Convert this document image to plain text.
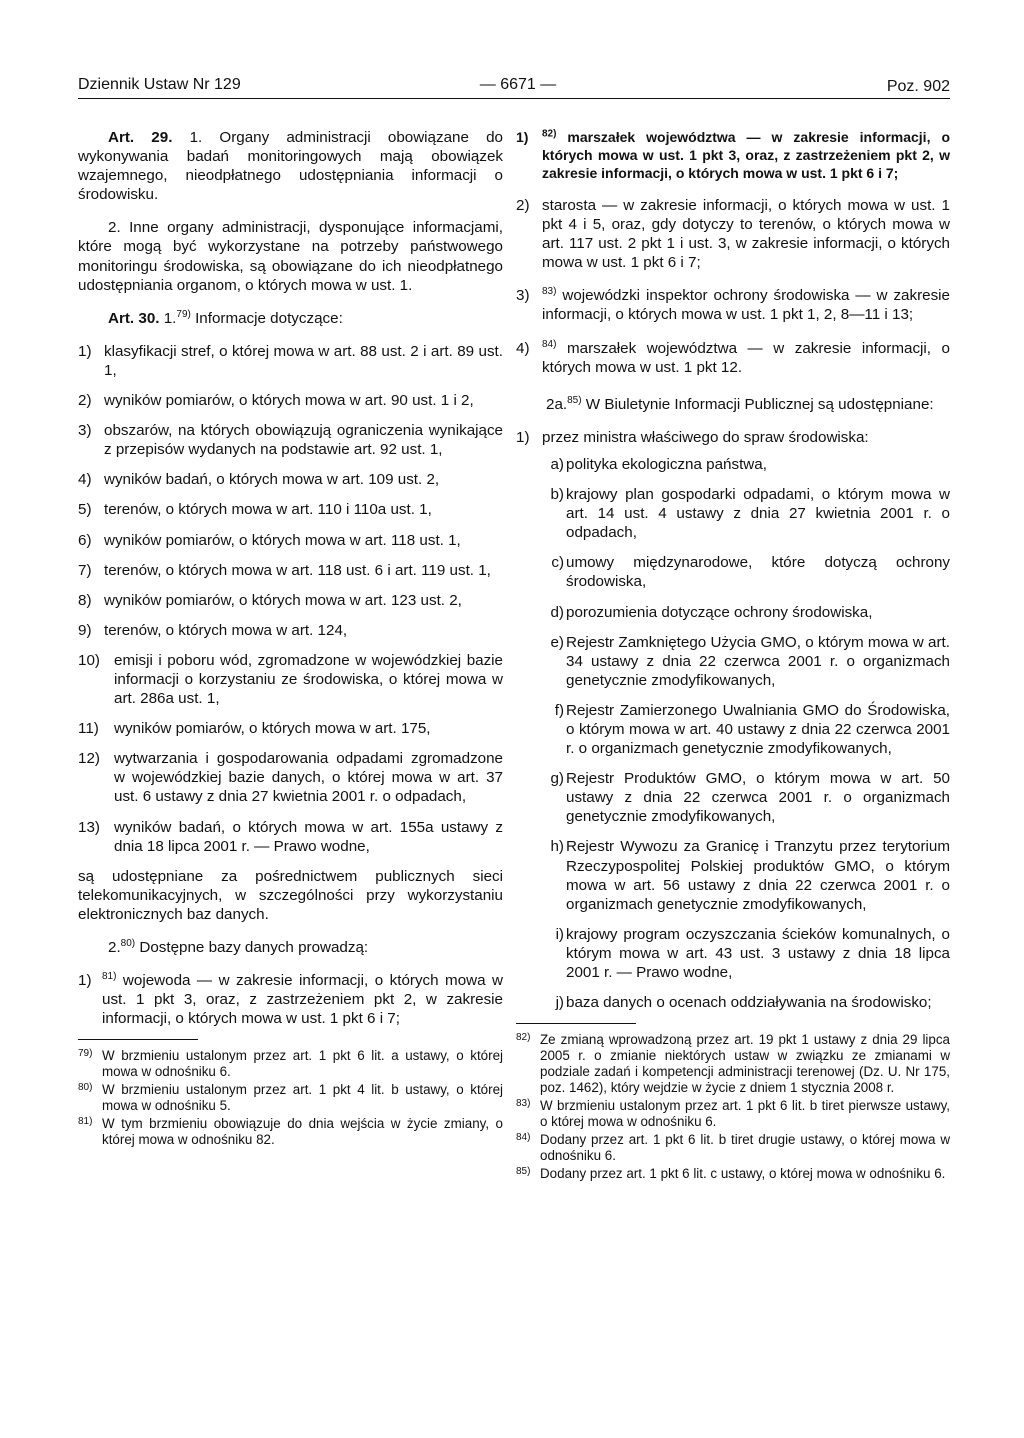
Dziennik Ustaw Nr 129	— 6671 —	Poz. 902

Art. 29. 1. Organy administracji obowiązane do wykonywania badań monitoringowych mają obowiązek wzajemnego, nieodpłatnego udostępniania informacji o środowisku.

2. Inne organy administracji, dysponujące informacjami, które mogą być wykorzystane na potrzeby państwowego monitoringu środowiska, są obowiązane do ich nieodpłatnego udostępniania organom, o których mowa w ust. 1.

Art. 30. 1.$^{79)}$ Informacje dotyczące:

1) klasyfikacji stref, o której mowa w art. 88 ust. 2 i art. 89 ust. 1,
2) wyników pomiarów, o których mowa w art. 90 ust. 1 i 2,
3) obszarów, na których obowiązują ograniczenia wynikające z przepisów wydanych na podstawie art. 92 ust. 1,
4) wyników badań, o których mowa w art. 109 ust. 2,
5) terenów, o których mowa w art. 110 i 110a ust. 1,
6) wyników pomiarów, o których mowa w art. 118 ust. 1,
7) terenów, o których mowa w art. 118 ust. 6 i art. 119 ust. 1,
8) wyników pomiarów, o których mowa w art. 123 ust. 2,
9) terenów, o których mowa w art. 124,
10) emisji i poboru wód, zgromadzone w wojewódzkiej bazie informacji o korzystaniu ze środowiska, o której mowa w art. 286a ust. 1,
11) wyników pomiarów, o których mowa w art. 175,
12) wytwarzania i gospodarowania odpadami zgromadzone w wojewódzkiej bazie danych, o której mowa w art. 37 ust. 6 ustawy z dnia 27 kwietnia 2001 r. o odpadach,
13) wyników badań, o których mowa w art. 155a ustawy z dnia 18 lipca 2001 r. — Prawo wodne,

są udostępniane za pośrednictwem publicznych sieci telekomunikacyjnych, w szczególności przy wykorzystaniu elektronicznych baz danych.

2.$^{80)}$ Dostępne bazy danych prowadzą:

1) $^{81)}$ wojewoda — w zakresie informacji, o których mowa w ust. 1 pkt 3, oraz, z zastrzeżeniem pkt 2, w zakresie informacji, o których mowa w ust. 1 pkt 6 i 7;
79) W brzmieniu ustalonym przez art. 1 pkt 6 lit. a ustawy, o której mowa w odnośniku 6.
80) W brzmieniu ustalonym przez art. 1 pkt 4 lit. b ustawy, o której mowa w odnośniku 5.
81) W tym brzmieniu obowiązuje do dnia wejścia w życie zmiany, o której mowa w odnośniku 82.
1) $^{82)}$ marszałek województwa — w zakresie informacji, o których mowa w ust. 1 pkt 3, oraz, z zastrzeżeniem pkt 2, w zakresie informacji, o których mowa w ust. 1 pkt 6 i 7;
2) starosta — w zakresie informacji, o których mowa w ust. 1 pkt 4 i 5, oraz, gdy dotyczy to terenów, o których mowa w art. 117 ust. 2 pkt 1 i ust. 3, w zakresie informacji, o których mowa w ust. 1 pkt 6 i 7;
3) $^{83)}$ wojewódzki inspektor ochrony środowiska — w zakresie informacji, o których mowa w ust. 1 pkt 1, 2, 8—11 i 13;
4) $^{84)}$ marszałek województwa — w zakresie informacji, o których mowa w ust. 1 pkt 12.

2a.$^{85)}$ W Biuletynie Informacji Publicznej są udostępniane:

1) przez ministra właściwego do spraw środowiska:
a) polityka ekologiczna państwa,
b) krajowy plan gospodarki odpadami, o którym mowa w art. 14 ust. 4 ustawy z dnia 27 kwietnia 2001 r. o odpadach,
c) umowy międzynarodowe, które dotyczą ochrony środowiska,
d) porozumienia dotyczące ochrony środowiska,
e) Rejestr Zamkniętego Użycia GMO, o którym mowa w art. 34 ustawy z dnia 22 czerwca 2001 r. o organizmach genetycznie zmodyfikowanych,
f) Rejestr Zamierzonego Uwalniania GMO do Środowiska, o którym mowa w art. 40 ustawy z dnia 22 czerwca 2001 r. o organizmach genetycznie zmodyfikowanych,
g) Rejestr Produktów GMO, o którym mowa w art. 50 ustawy z dnia 22 czerwca 2001 r. o organizmach genetycznie zmodyfikowanych,
h) Rejestr Wywozu za Granicę i Tranzytu przez terytorium Rzeczypospolitej Polskiej produktów GMO, o którym mowa w art. 56 ustawy z dnia 22 czerwca 2001 r. o organizmach genetycznie zmodyfikowanych,
i) krajowy program oczyszczania ścieków komunalnych, o którym mowa w art. 43 ust. 3 ustawy z dnia 18 lipca 2001 r. — Prawo wodne,
j) baza danych o ocenach oddziaływania na środowisko;
82) Ze zmianą wprowadzoną przez art. 19 pkt 1 ustawy z dnia 29 lipca 2005 r. o zmianie niektórych ustaw w związku ze zmianami w podziale zadań i kompetencji administracji terenowej (Dz. U. Nr 175, poz. 1462), który wejdzie w życie z dniem 1 stycznia 2008 r.
83) W brzmieniu ustalonym przez art. 1 pkt 6 lit. b tiret pierwsze ustawy, o której mowa w odnośniku 6.
84) Dodany przez art. 1 pkt 6 lit. b tiret drugie ustawy, o której mowa w odnośniku 6.
85) Dodany przez art. 1 pkt 6 lit. c ustawy, o której mowa w odnośniku 6.
